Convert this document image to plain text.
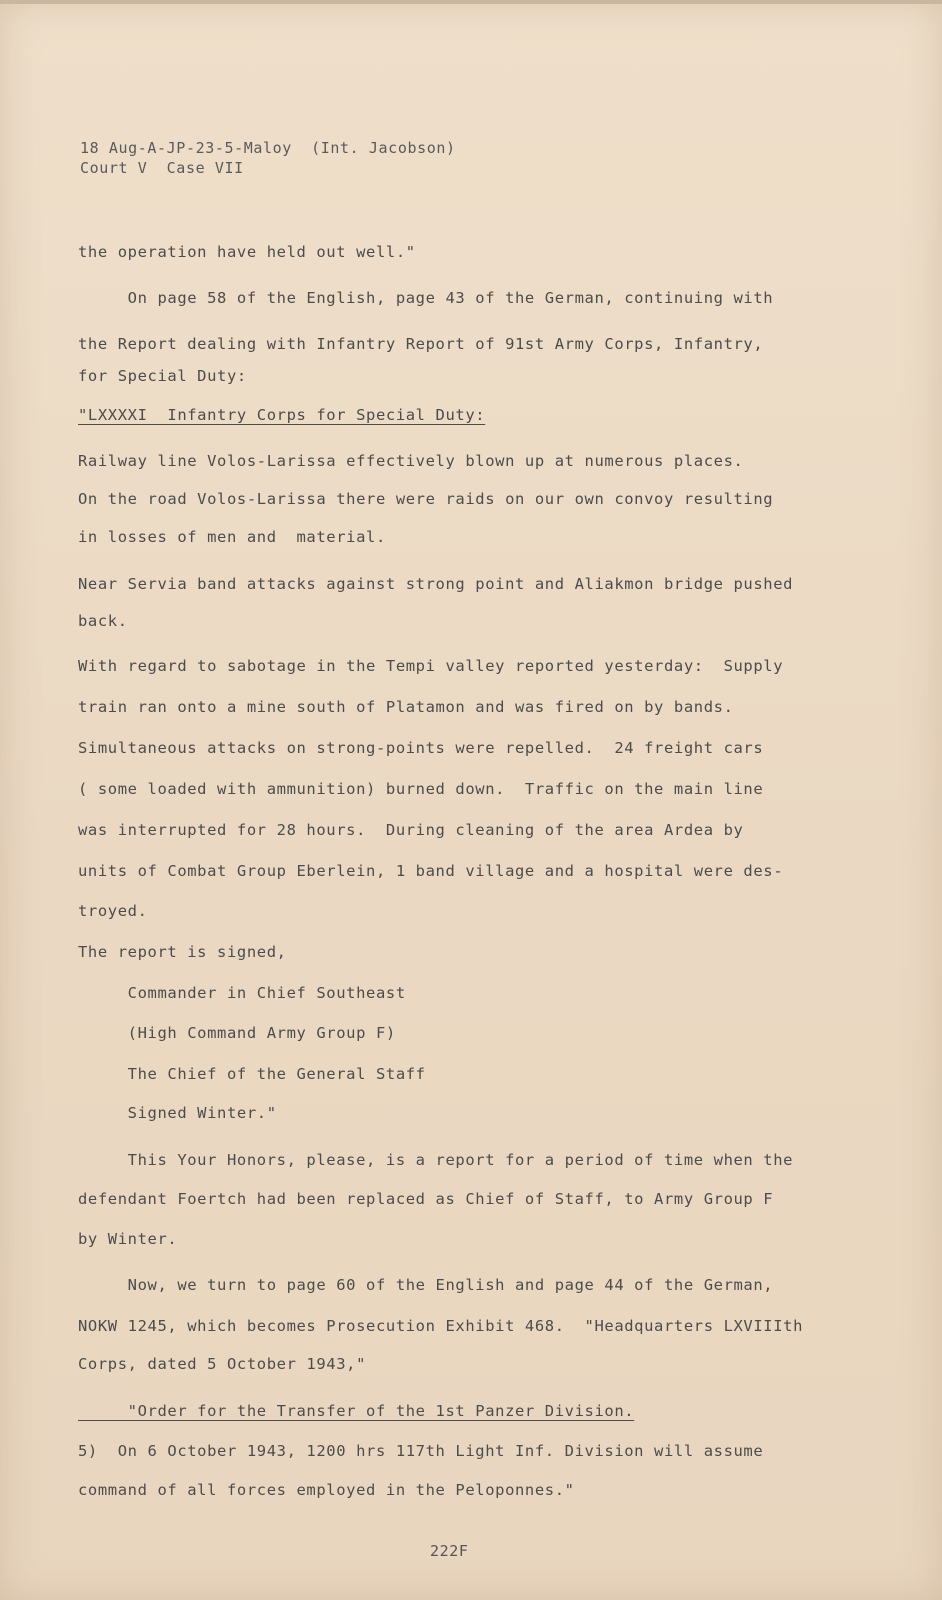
18 Aug-A-JP-23-5-Maloy  (Int. Jacobson)
Court V  Case VII
the operation have held out well."
On page 58 of the English, page 43 of the German, continuing with
the Report dealing with Infantry Report of 91st Army Corps, Infantry,
for Special Duty:
"LXXXXI  Infantry Corps for Special Duty:
Railway line Volos-Larissa effectively blown up at numerous places.
On the road Volos-Larissa there were raids on our own convoy resulting
in losses of men and  material.
Near Servia band attacks against strong point and Aliakmon bridge pushed
back.
With regard to sabotage in the Tempi valley reported yesterday:  Supply
train ran onto a mine south of Platamon and was fired on by bands.
Simultaneous attacks on strong-points were repelled.  24 freight cars
( some loaded with ammunition) burned down.  Traffic on the main line
was interrupted for 28 hours.  During cleaning of the area Ardea by
units of Combat Group Eberlein, 1 band village and a hospital were des-
troyed.
The report is signed,
Commander in Chief Southeast
(High Command Army Group F)
The Chief of the General Staff
Signed Winter."
This Your Honors, please, is a report for a period of time when the
defendant Foertch had been replaced as Chief of Staff, to Army Group F
by Winter.
Now, we turn to page 60 of the English and page 44 of the German,
NOKW 1245, which becomes Prosecution Exhibit 468.  "Headquarters LXVIIIth
Corps, dated 5 October 1943,"
"Order for the Transfer of the 1st Panzer Division.
5)  On 6 October 1943, 1200 hrs 117th Light Inf. Division will assume
command of all forces employed in the Peloponnes."
222F
